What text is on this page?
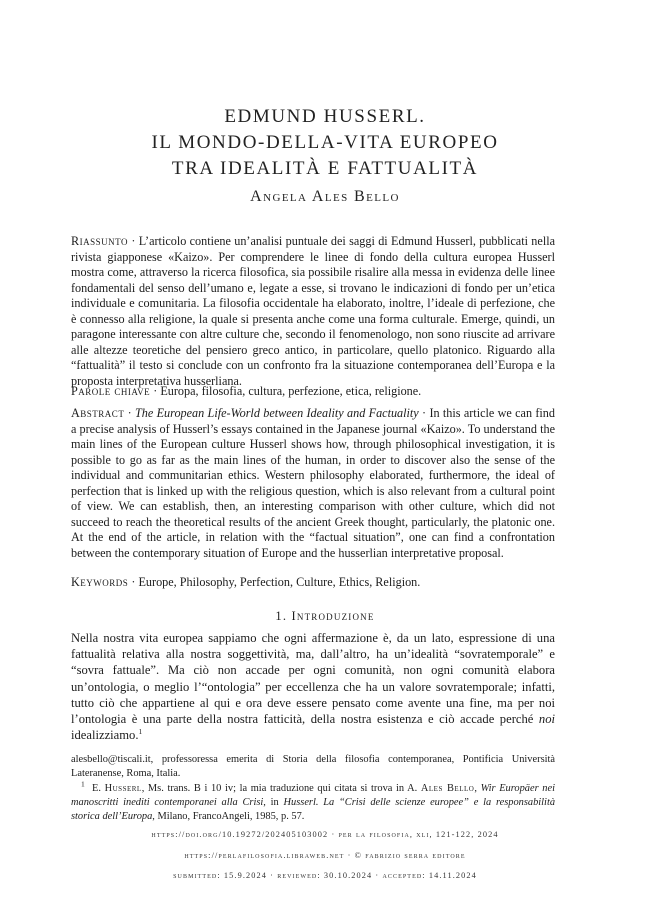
EDMUND HUSSERL.
IL MONDO-DELLA-VITA EUROPEO
TRA IDEALITÀ E FATTUALITÀ
Angela Ales Bello
Riassunto · L’articolo contiene un’analisi puntuale dei saggi di Edmund Husserl, pubblicati nella rivista giapponese «Kaizo». Per comprendere le linee di fondo della cultura europea Husserl mostra come, attraverso la ricerca filosofica, sia possibile risalire alla messa in evidenza delle linee fondamentali del senso dell’umano e, legate a esse, si trovano le indicazioni di fondo per un’etica individuale e comunitaria. La filosofia occidentale ha elaborato, inoltre, l’ideale di perfezione, che è connesso alla religione, la quale si presenta anche come una forma culturale. Emerge, quindi, un paragone interessante con altre culture che, secondo il fenomenologo, non sono riuscite ad arrivare alle altezze teoretiche del pensiero greco antico, in particolare, quello platonico. Riguardo alla “fattualità” il testo si conclude con un confronto fra la situazione contemporanea dell’Europa e la proposta interpretativa husserliana.
Parole chiave · Europa, filosofia, cultura, perfezione, etica, religione.
Abstract · The European Life-World between Ideality and Factuality · In this article we can find a precise analysis of Husserl’s essays contained in the Japanese journal «Kaizo». To understand the main lines of the European culture Husserl shows how, through philosophical investigation, it is possible to go as far as the main lines of the human, in order to discover also the sense of the individual and communitarian ethics. Western philosophy elaborated, furthermore, the ideal of perfection that is linked up with the religious question, which is also relevant from a cultural point of view. We can establish, then, an interesting comparison with other culture, which did not succeed to reach the theoretical results of the ancient Greek thought, particularly, the platonic one. At the end of the article, in relation with the “factual situation”, one can find a confrontation between the contemporary situation of Europe and the husserlian interpretative proposal.
Keywords · Europe, Philosophy, Perfection, Culture, Ethics, Religion.
1. Introduzione
Nella nostra vita europea sappiamo che ogni affermazione è, da un lato, espressione di una fattualità relativa alla nostra soggettività, ma, dall’altro, ha un’idealità “sovratemporale” e “sovra fattuale”. Ma ciò non accade per ogni comunità, non ogni comunità elabora un’ontologia, o meglio l’“ontologia” per eccellenza che ha un valore sovratemporale; infatti, tutto ciò che appartiene al qui e ora deve essere pensato come avente una fine, ma per noi l’ontologia è una parte della nostra fatticità, della nostra esistenza e ciò accade perché noi idealizziamo.$^1$
alesbello@tiscali.it, professoressa emerita di Storia della filosofia contemporanea, Pontificia Università Lateranense, Roma, Italia.
$^1$ E. Husserl, Ms. trans. B i 10 iv; la mia traduzione qui citata si trova in A. Ales Bello, Wir Europäer nei manoscritti inediti contemporanei alla Crisi, in Husserl. La “Crisi delle scienze europee” e la responsabilità storica dell’Europa, Milano, FrancoAngeli, 1985, p. 57.
https://doi.org/10.19272/202405103002 · per la filosofia, xli, 121-122, 2024
https://perlafilosofia.libraweb.net · © fabrizio serra editore
submitted: 15.9.2024 · reviewed: 30.10.2024 · accepted: 14.11.2024
